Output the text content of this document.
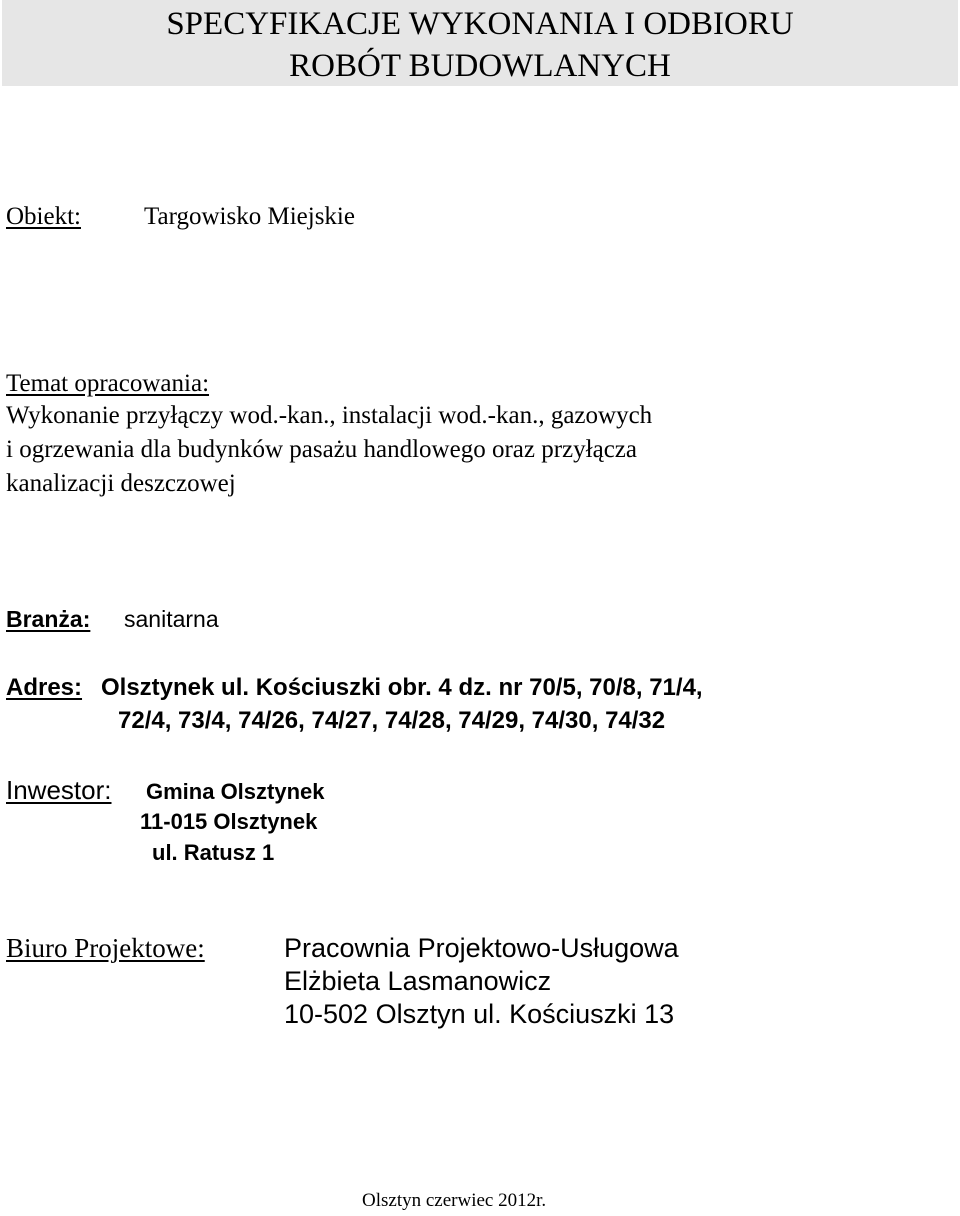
SPECYFIKACJE WYKONANIA I ODBIORU
ROBÓT BUDOWLANYCH
Obiekt:	Targowisko Miejskie
Temat opracowania:
Wykonanie przyłączy wod.-kan., instalacji wod.-kan., gazowych
i ogrzewania dla budynków pasażu handlowego oraz przyłącza
kanalizacji deszczowej
Branża: sanitarna
Adres: Olsztynek ul. Kościuszki obr. 4 dz. nr 70/5, 70/8, 71/4,
72/4, 73/4, 74/26, 74/27, 74/28, 74/29, 74/30, 74/32
Inwestor: Gmina Olsztynek
11-015 Olsztynek
ul. Ratusz 1
Biuro Projektowe:	Pracownia Projektowo-Usługowa
Elżbieta Lasmanowicz
10-502 Olsztyn ul. Kościuszki 13
Olsztyn czerwiec 2012r.
